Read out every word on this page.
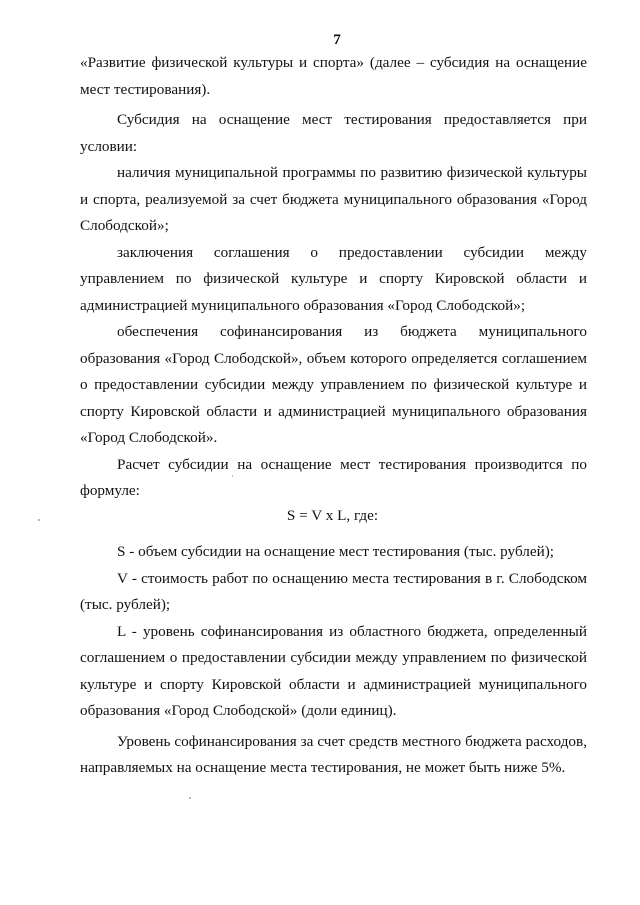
7

«Развитие физической культуры и спорта» (далее – субсидия на оснащение мест тестирования).

Субсидия на оснащение мест тестирования предоставляется при условии:

наличия муниципальной программы по развитию физической культуры и спорта, реализуемой за счет бюджета муниципального образования «Город Слободской»;

заключения соглашения о предоставлении субсидии между управлением по физической культуре и спорту Кировской области и администрацией муниципального образования «Город Слободской»;

обеспечения софинансирования из бюджета муниципального образования «Город Слободской», объем которого определяется соглашением о предоставлении субсидии между управлением по физической культуре и спорту Кировской области и администрацией муниципального образования «Город Слободской».

Расчет субсидии на оснащение мест тестирования производится по формуле:

S = V x L, где:

S - объем субсидии на оснащение мест тестирования (тыс. рублей);

V - стоимость работ по оснащению места тестирования в г. Слободском (тыс. рублей);

L - уровень софинансирования из областного бюджета, определенный соглашением о предоставлении субсидии между управлением по физической культуре и спорту Кировской области и администрацией муниципального образования «Город Слободской» (доли единиц).

Уровень софинансирования за счет средств местного бюджета расходов, направляемых на оснащение места тестирования, не может быть ниже 5%.
